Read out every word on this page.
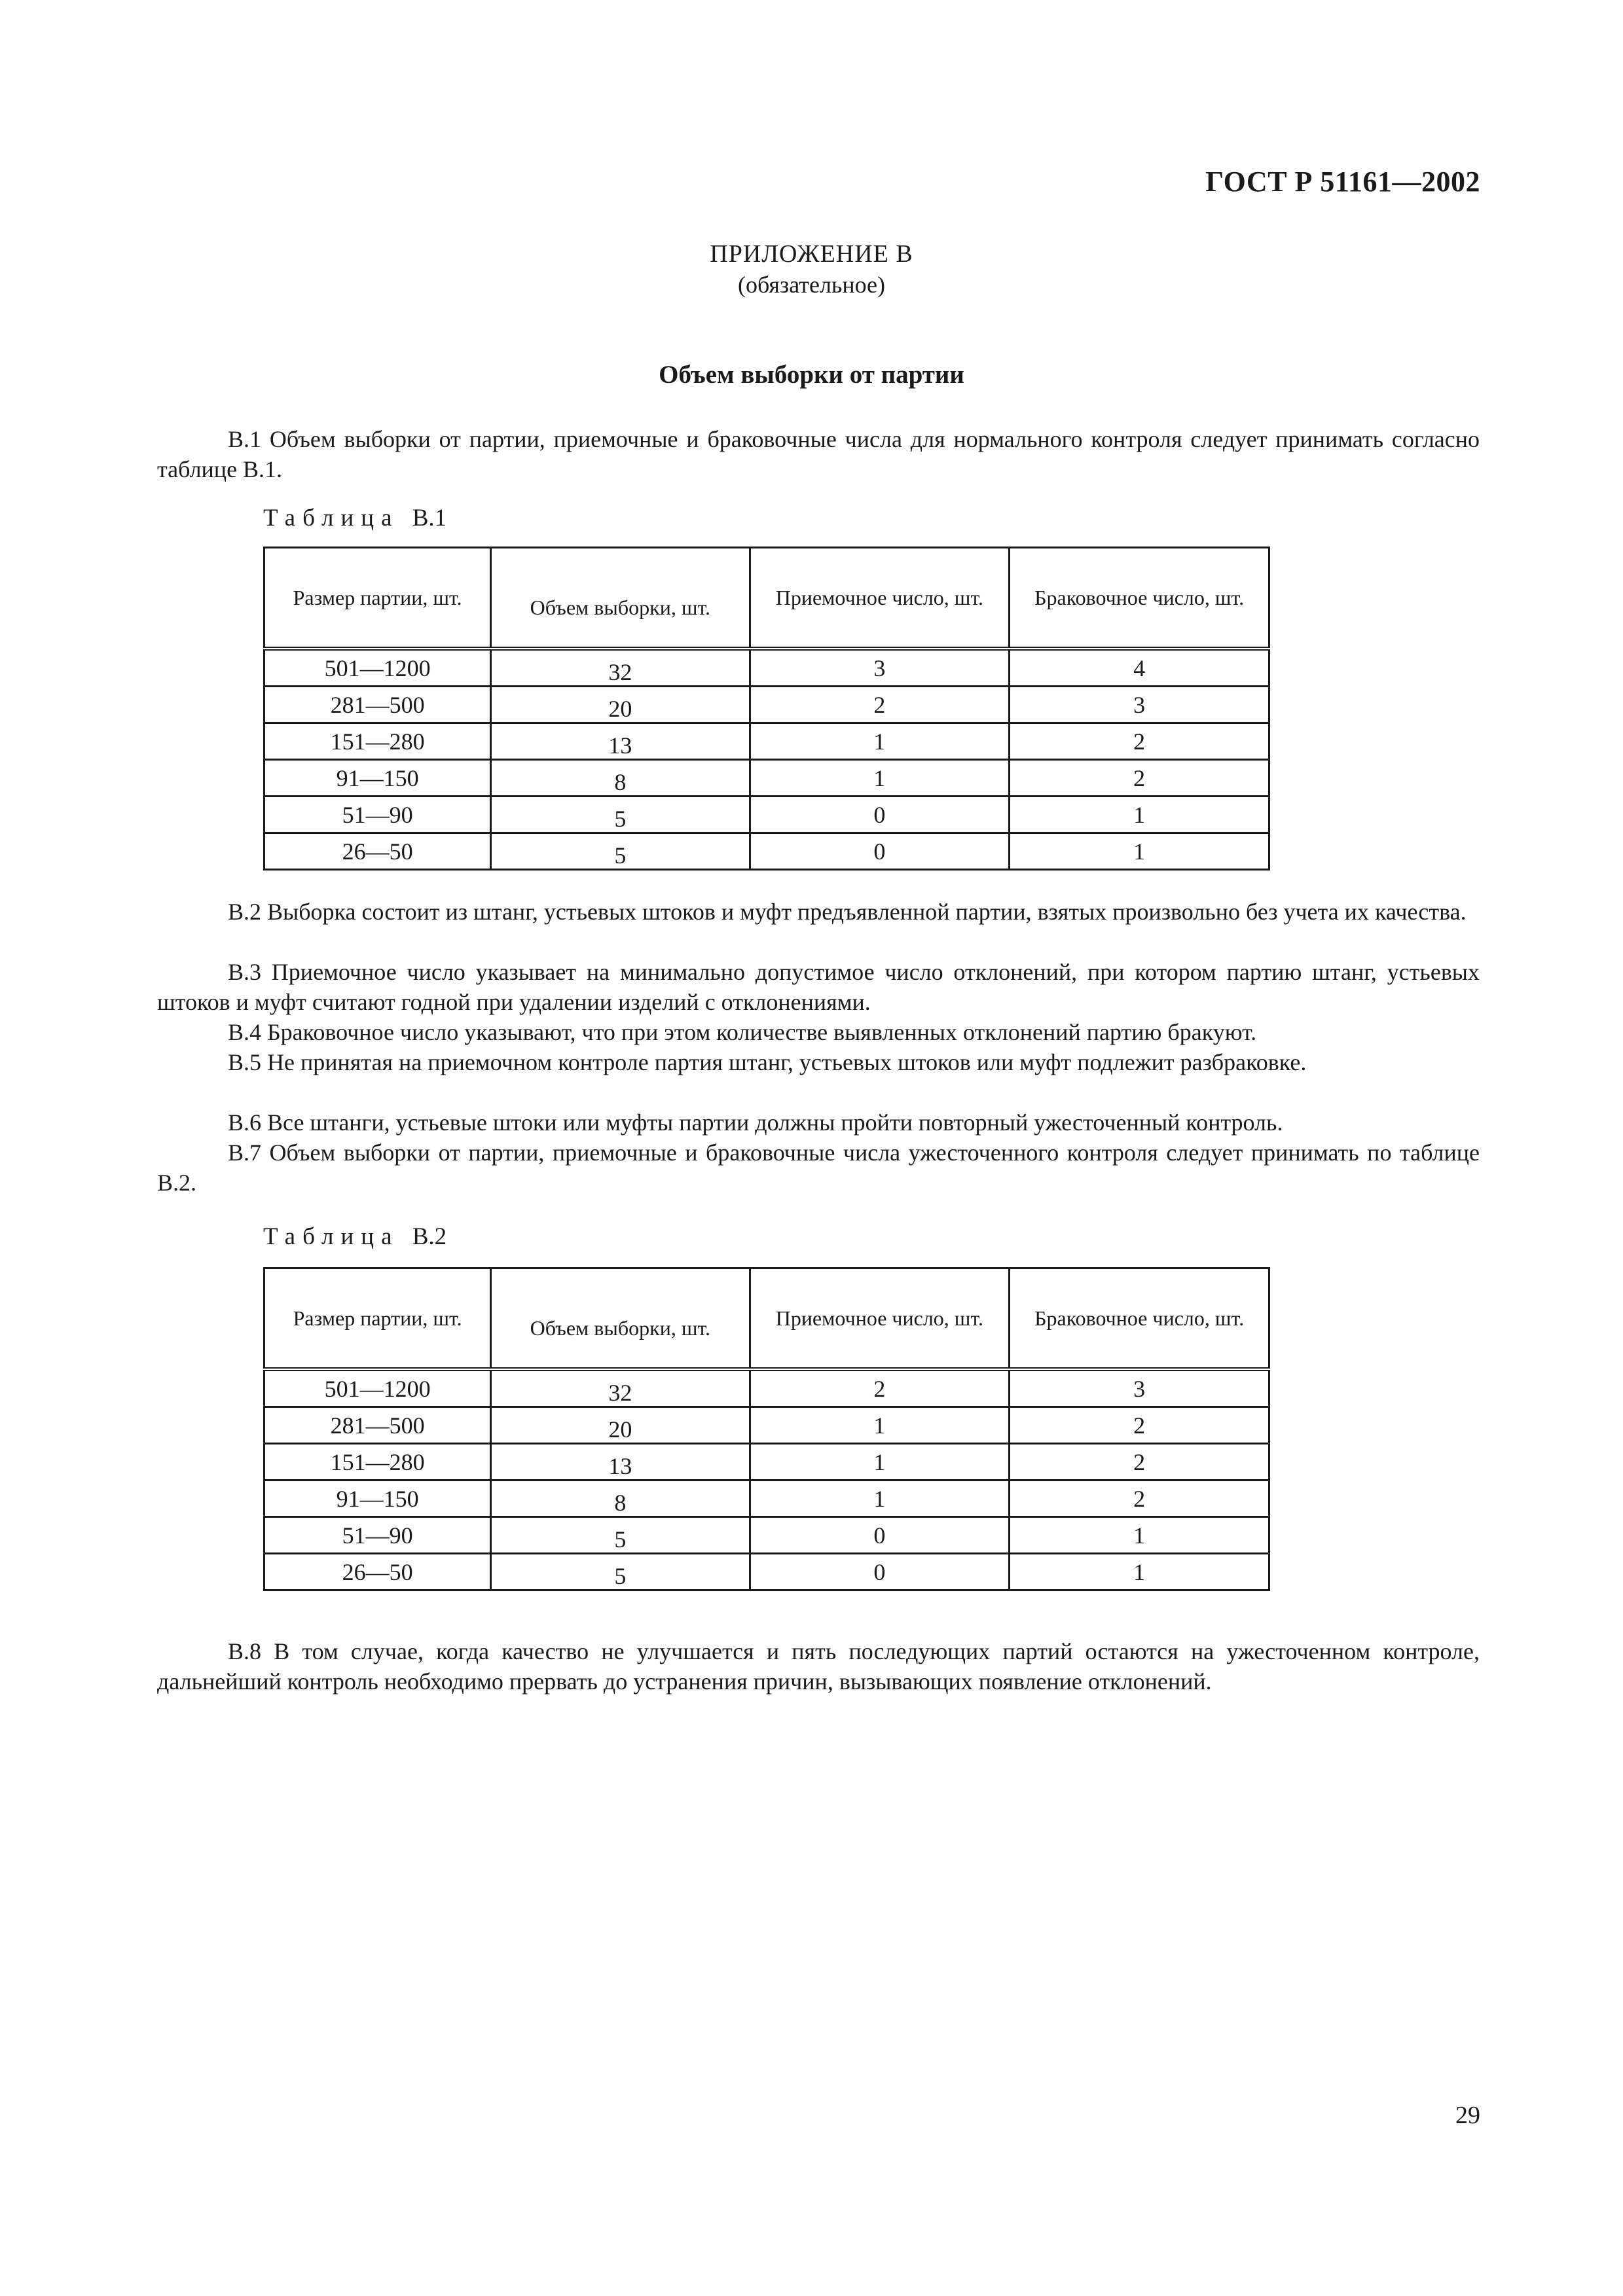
ГОСТ Р 51161—2002
ПРИЛОЖЕНИЕ В
(обязательное)
Объем выборки от партии

В.1 Объем выборки от партии, приемочные и браковочные числа для нормального контроля следует принимать согласно таблице В.1.

Таблица В.1
Размер партии, шт.	Объем выборки, шт.	Приемочное число, шт.	Браковочное число, шт.
501—1200	32	3	4
281—500	20	2	3
151—280	13	1	2
91—150	8	1	2
51—90	5	0	1
26—50	5	0	1

В.2 Выборка состоит из штанг, устьевых штоков и муфт предъявленной партии, взятых произвольно без учета их качества.

В.3 Приемочное число указывает на минимально допустимое число отклонений, при котором партию штанг, устьевых штоков и муфт считают годной при удалении изделий с отклонениями.

В.4 Браковочное число указывают, что при этом количестве выявленных отклонений партию бракуют.

В.5 Не принятая на приемочном контроле партия штанг, устьевых штоков или муфт подлежит разбраковке.

В.6 Все штанги, устьевые штоки или муфты партии должны пройти повторный ужесточенный контроль.

В.7 Объем выборки от партии, приемочные и браковочные числа ужесточенного контроля следует принимать по таблице В.2.

Таблица В.2
Размер партии, шт.	Объем выборки, шт.	Приемочное число, шт.	Браковочное число, шт.
501—1200	32	2	3
281—500	20	1	2
151—280	13	1	2
91—150	8	1	2
51—90	5	0	1
26—50	5	0	1

В.8 В том случае, когда качество не улучшается и пять последующих партий остаются на ужесточенном контроле, дальнейший контроль необходимо прервать до устранения причин, вызывающих появление отклонений.

29
